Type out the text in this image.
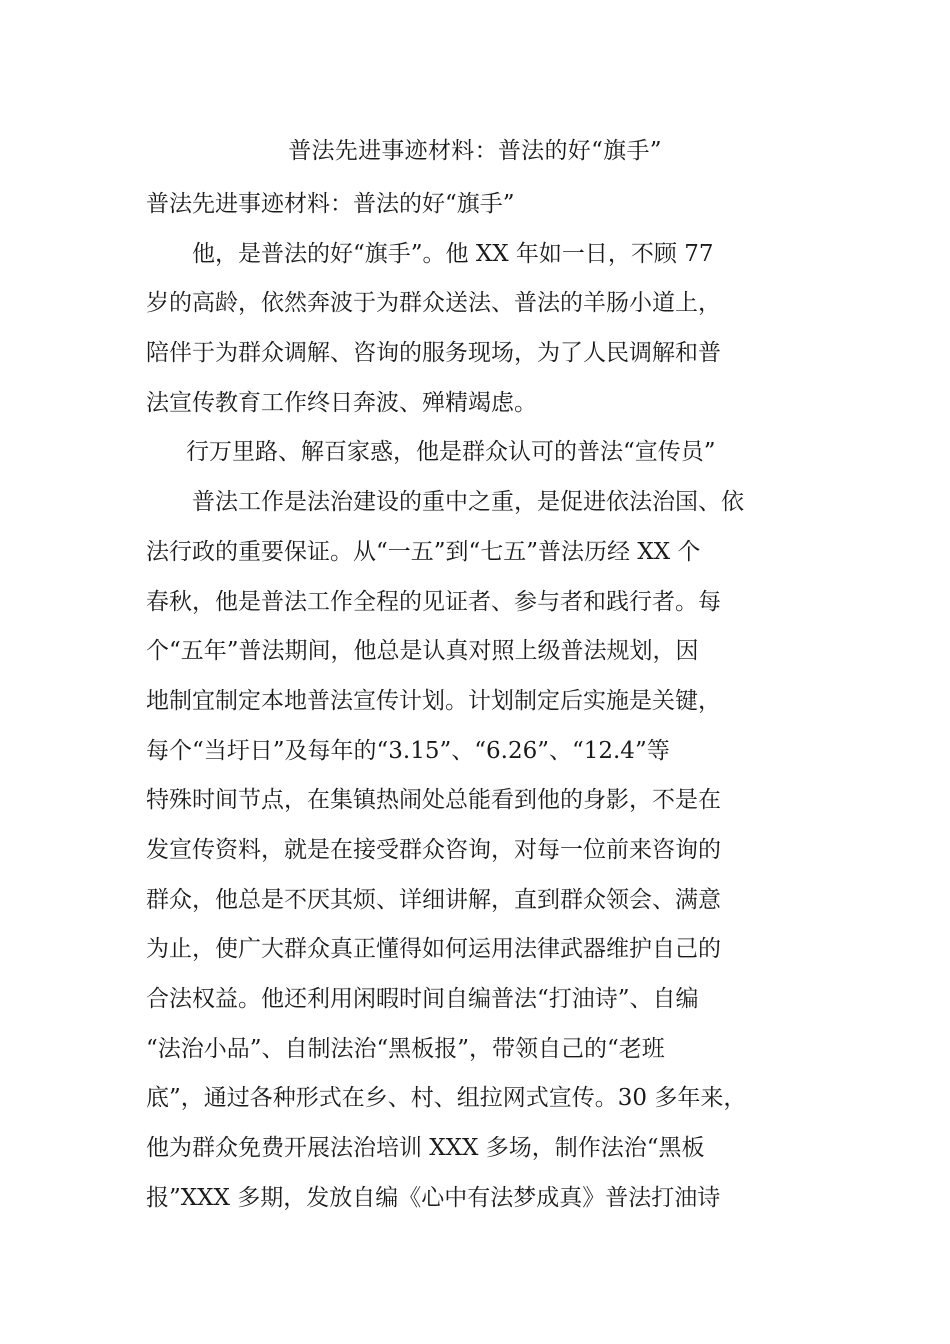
普法先进事迹材料：普法的好“旗手”
普法先进事迹材料：普法的好“旗手”
他，是普法的好“旗手”。他 XX 年如一日，不顾 77
岁的高龄，依然奔波于为群众送法、普法的羊肠小道上，
陪伴于为群众调解、咨询的服务现场，为了人民调解和普
法宣传教育工作终日奔波、殚精竭虑。
行万里路、解百家惑，他是群众认可的普法“宣传员”
普法工作是法治建设的重中之重，是促进依法治国、依
法行政的重要保证。从“一五”到“七五”普法历经 XX 个
春秋，他是普法工作全程的见证者、参与者和践行者。每
个“五年”普法期间，他总是认真对照上级普法规划，因
地制宜制定本地普法宣传计划。计划制定后实施是关键，
每个“当圩日”及每年的“3.15”、“6.26”、“12.4”等
特殊时间节点，在集镇热闹处总能看到他的身影，不是在
发宣传资料，就是在接受群众咨询，对每一位前来咨询的
群众，他总是不厌其烦、详细讲解，直到群众领会、满意
为止，使广大群众真正懂得如何运用法律武器维护自己的
合法权益。他还利用闲暇时间自编普法“打油诗”、自编
“法治小品”、自制法治“黑板报”，带领自己的“老班
底”，通过各种形式在乡、村、组拉网式宣传。30 多年来，
他为群众免费开展法治培训 XXX 多场，制作法治“黑板
报”XXX 多期，发放自编《心中有法梦成真》普法打油诗
